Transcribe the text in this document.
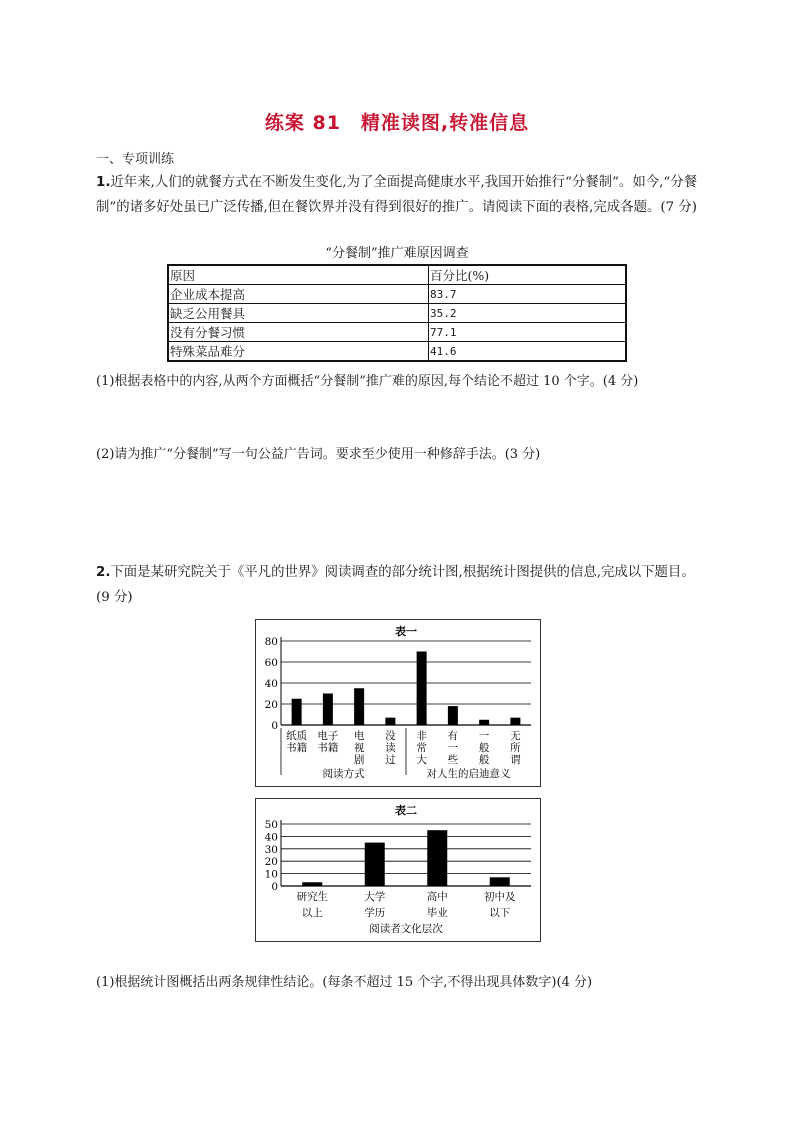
练案 81　精准读图,转准信息
一、专项训练
1.近年来,人们的就餐方式在不断发生变化,为了全面提高健康水平,我国开始推行“分餐制”。如今,“分餐制”的诸多好处虽已广泛传播,但在餐饮界并没有得到很好的推广。请阅读下面的表格,完成各题。(7 分)
“分餐制”推广难原因调查
原因	百分比(%)
企业成本提高	83.7
缺乏公用餐具	35.2
没有分餐习惯	77.1
特殊菜品难分	41.6
(1)根据表格中的内容,从两个方面概括“分餐制”推广难的原因,每个结论不超过 10 个字。(4 分)
(2)请为推广“分餐制”写一句公益广告词。要求至少使用一种修辞手法。(3 分)
2.下面是某研究院关于《平凡的世界》阅读调查的部分统计图,根据统计图提供的信息,完成以下题目。(9 分)
表一
0
20
40
60
80
纸质
书籍
电子
书籍
电
视
剧
没
读
过
非
常
大
有
一
些
一
般
般
无
所
谓
阅读方式	对人生的启迪意义
表二
0
10
20
30
40
50
研究生
以上
大学
学历
高中
毕业
初中及
以下
阅读者文化层次
(1)根据统计图概括出两条规律性结论。(每条不超过 15 个字,不得出现具体数字)(4 分)
